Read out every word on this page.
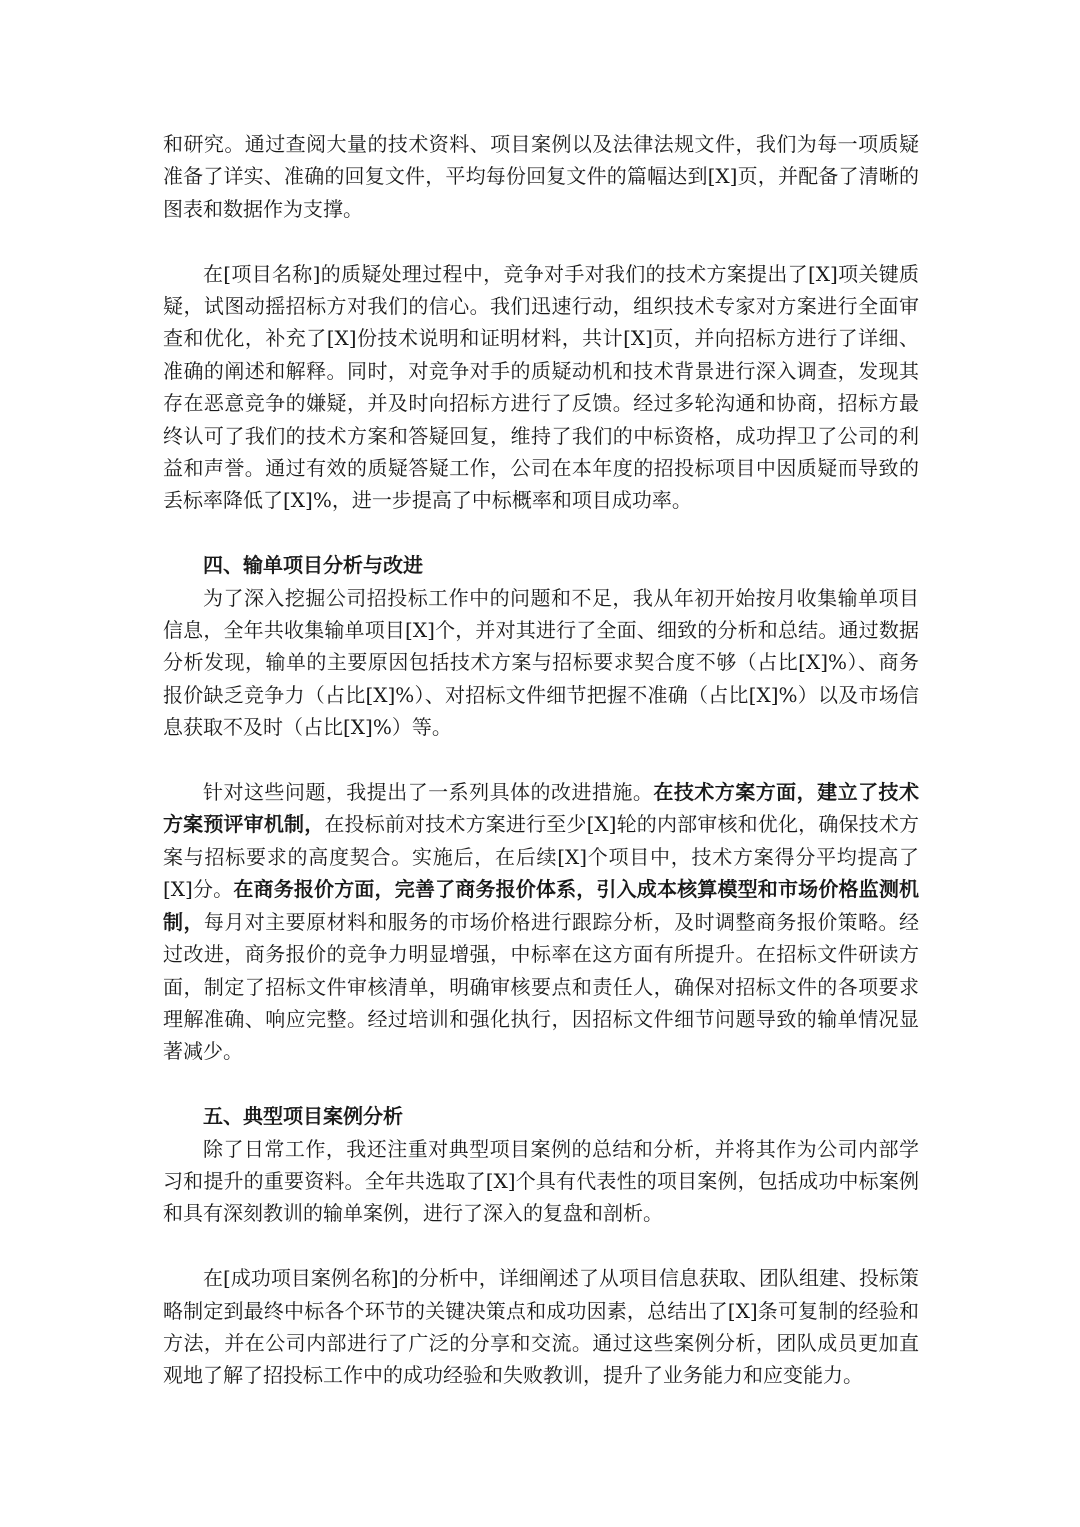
和研究。通过查阅大量的技术资料、项目案例以及法律法规文件，我们为每一项质疑准备了详实、准确的回复文件，平均每份回复文件的篇幅达到[X]页，并配备了清晰的图表和数据作为支撑。

在[项目名称]的质疑处理过程中，竞争对手对我们的技术方案提出了[X]项关键质疑，试图动摇招标方对我们的信心。我们迅速行动，组织技术专家对方案进行全面审查和优化，补充了[X]份技术说明和证明材料，共计[X]页，并向招标方进行了详细、准确的阐述和解释。同时，对竞争对手的质疑动机和技术背景进行深入调查，发现其存在恶意竞争的嫌疑，并及时向招标方进行了反馈。经过多轮沟通和协商，招标方最终认可了我们的技术方案和答疑回复，维持了我们的中标资格，成功捍卫了公司的利益和声誉。通过有效的质疑答疑工作，公司在本年度的招投标项目中因质疑而导致的丢标率降低了[X]%，进一步提高了中标概率和项目成功率。

四、输单项目分析与改进

为了深入挖掘公司招投标工作中的问题和不足，我从年初开始按月收集输单项目信息，全年共收集输单项目[X]个，并对其进行了全面、细致的分析和总结。通过数据分析发现，输单的主要原因包括技术方案与招标要求契合度不够（占比[X]%）、商务报价缺乏竞争力（占比[X]%）、对招标文件细节把握不准确（占比[X]%）以及市场信息获取不及时（占比[X]%）等。

针对这些问题，我提出了一系列具体的改进措施。在技术方案方面，建立了技术方案预评审机制，在投标前对技术方案进行至少[X]轮的内部审核和优化，确保技术方案与招标要求的高度契合。实施后，在后续[X]个项目中，技术方案得分平均提高了[X]分。在商务报价方面，完善了商务报价体系，引入成本核算模型和市场价格监测机制，每月对主要原材料和服务的市场价格进行跟踪分析，及时调整商务报价策略。经过改进，商务报价的竞争力明显增强，中标率在这方面有所提升。在招标文件研读方面，制定了招标文件审核清单，明确审核要点和责任人，确保对招标文件的各项要求理解准确、响应完整。经过培训和强化执行，因招标文件细节问题导致的输单情况显著减少。

五、典型项目案例分析

除了日常工作，我还注重对典型项目案例的总结和分析，并将其作为公司内部学习和提升的重要资料。全年共选取了[X]个具有代表性的项目案例，包括成功中标案例和具有深刻教训的输单案例，进行了深入的复盘和剖析。

在[成功项目案例名称]的分析中，详细阐述了从项目信息获取、团队组建、投标策略制定到最终中标各个环节的关键决策点和成功因素，总结出了[X]条可复制的经验和方法，并在公司内部进行了广泛的分享和交流。通过这些案例分析，团队成员更加直观地了解了招投标工作中的成功经验和失败教训，提升了业务能力和应变能力。
